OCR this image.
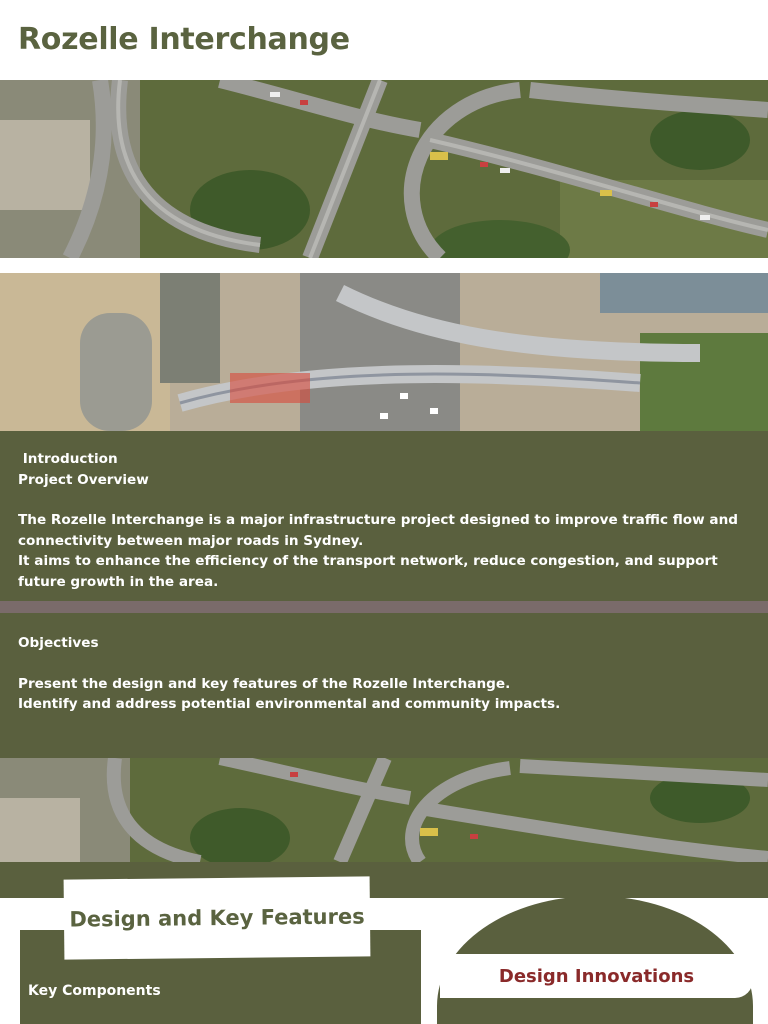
Rozelle Interchange
Introduction
Project Overview
The Rozelle Interchange is a major infrastructure project designed to improve traffic flow and connectivity between major roads in Sydney.
It aims to enhance the efficiency of the transport network, reduce congestion, and support future growth in the area.
Objectives
Present the design and key features of the Rozelle Interchange.
Identify and address potential environmental and community impacts.
Design and Key Features
Key Components
Design Innovations
